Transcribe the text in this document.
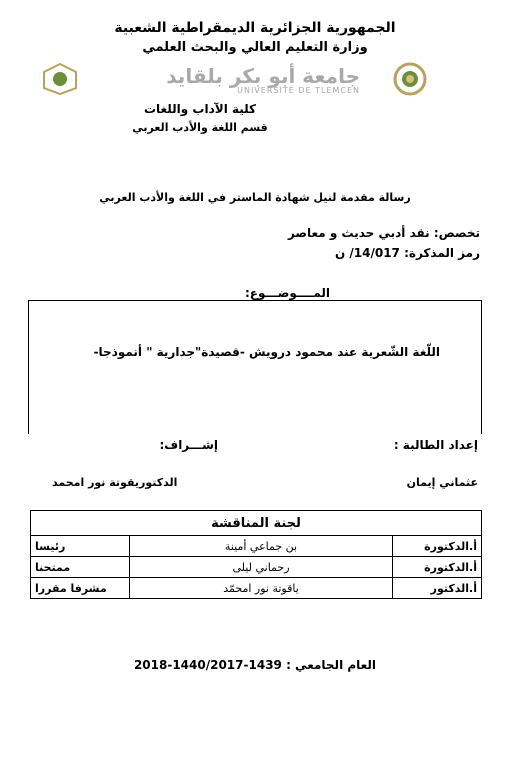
الجمهورية الجزائرية الديمقراطية الشعبية
وزارة التعليم العالي والبحث العلمي
جامعة أبو بكر بلقايد
UNIVERSITÉ DE TLEMCEN
كلية الآداب واللغات
قسم اللغة والأدب العربي
رسالة مقدمة لنيل شهادة الماستر في اللغة والأدب العربي
تخصص: نقد أدبي حديث و معاصر
رمز المذكرة: 14/017/ ن
المــــوضـــوع:
اللّغة الشّعرية عند محمود درويش -قصيدة"جدارية " أنموذجا-
إعداد الطالبة :
إشـــراف:
عثماني إيمان
الدكتوريقوتة نور امحمد
لجنة المناقشة		
أ.الدكتورة	بن جماعي أمينة	رئيسا
أ.الدكتورة	رحماني ليلى	ممتحنا
أ.الدكتور	ياقوتة نور امحمّد	مشرفا مقررا
العام الجامعي : 1439-1440/2017-2018
